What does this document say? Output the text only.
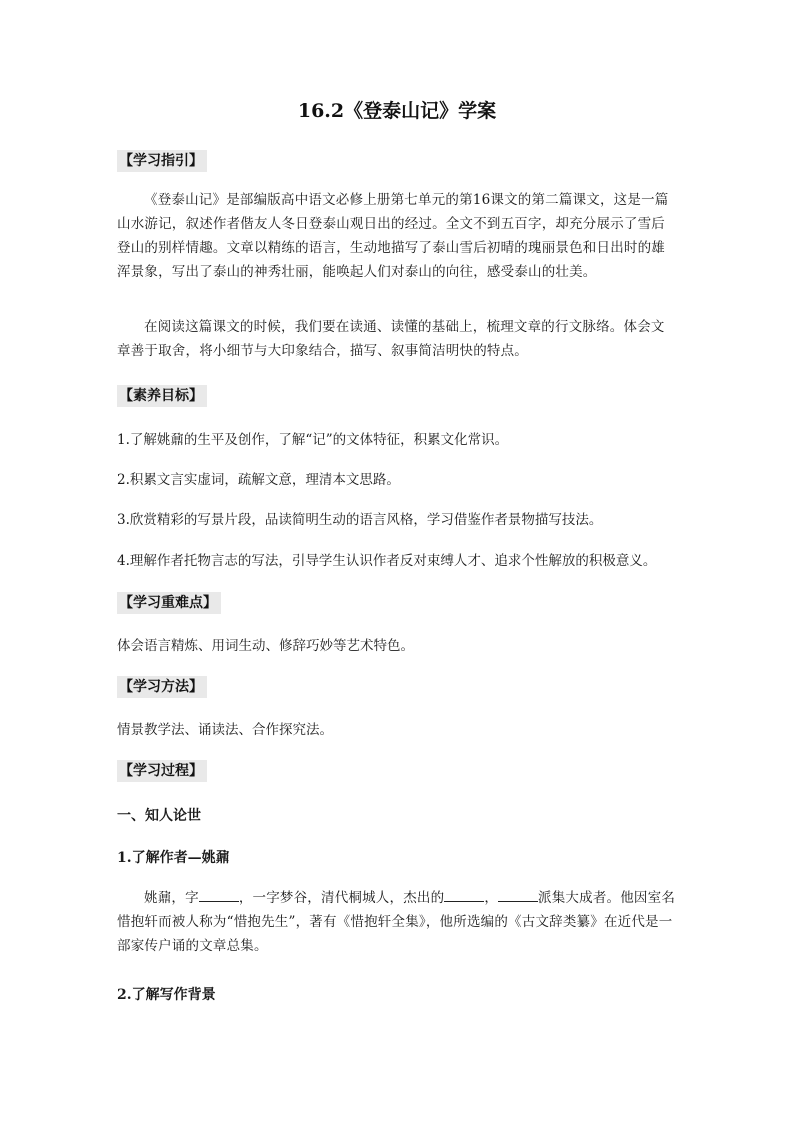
16.2《登泰山记》学案
【学习指引】

《登泰山记》是部编版高中语文必修上册第七单元的第16课文的第二篇课文，这是一篇山水游记，叙述作者偕友人冬日登泰山观日出的经过。全文不到五百字，却充分展示了雪后登山的别样情趣。文章以精练的语言，生动地描写了泰山雪后初晴的瑰丽景色和日出时的雄浑景象，写出了泰山的神秀壮丽，能唤起人们对泰山的向往，感受泰山的壮美。

在阅读这篇课文的时候，我们要在读通、读懂的基础上，梳理文章的行文脉络。体会文章善于取舍，将小细节与大印象结合，描写、叙事简洁明快的特点。

【素养目标】

1.了解姚鼐的生平及创作，了解“记”的文体特征，积累文化常识。

2.积累文言实虚词，疏解文意，理清本文思路。

3.欣赏精彩的写景片段，品读简明生动的语言风格，学习借鉴作者景物描写技法。

4.理解作者托物言志的写法，引导学生认识作者反对束缚人才、追求个性解放的积极意义。

【学习重难点】

体会语言精炼、用词生动、修辞巧妙等艺术特色。

【学习方法】

情景教学法、诵读法、合作探究法。

【学习过程】

一、知人论世

1.了解作者—姚鼐

姚鼐，字	，一字梦谷，清代桐城人，杰出的	，	派集大成者。他因室名惜抱轩而被人称为“惜抱先生”，著有《惜抱轩全集》，他所选编的《古文辞类纂》在近代是一部家传户诵的文章总集。

2.了解写作背景
